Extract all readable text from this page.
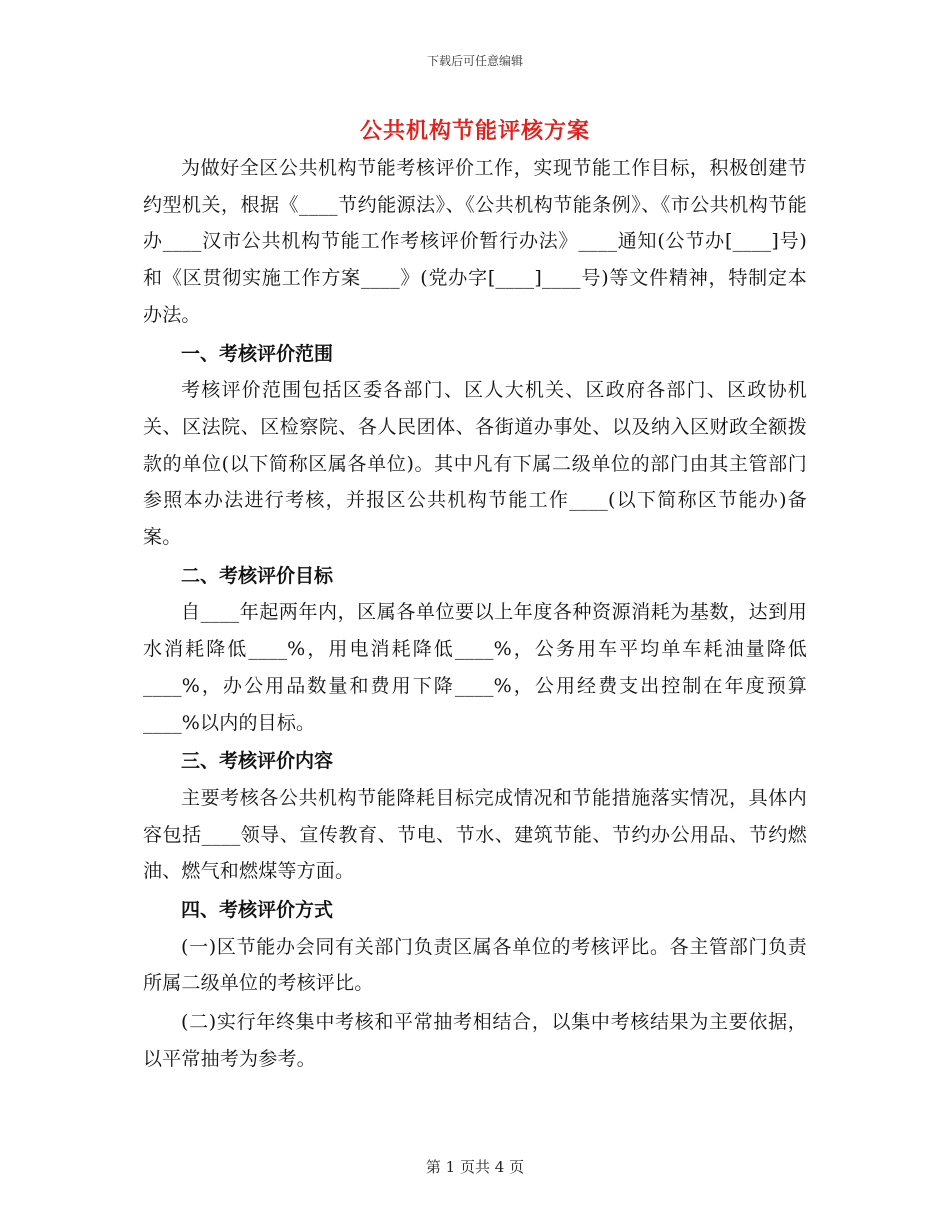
下载后可任意编辑
公共机构节能评核方案

为做好全区公共机构节能考核评价工作，实现节能工作目标，积极创建节约型机关，根据《____节约能源法》、《公共机构节能条例》、《市公共机构节能办____汉市公共机构节能工作考核评价暂行办法》____通知(公节办[____]号)和《区贯彻实施工作方案____》(党办字[____]____号)等文件精神，特制定本办法。

一、考核评价范围

考核评价范围包括区委各部门、区人大机关、区政府各部门、区政协机关、区法院、区检察院、各人民团体、各街道办事处、以及纳入区财政全额拨款的单位(以下简称区属各单位)。其中凡有下属二级单位的部门由其主管部门参照本办法进行考核，并报区公共机构节能工作____(以下简称区节能办)备案。

二、考核评价目标

自____年起两年内，区属各单位要以上年度各种资源消耗为基数，达到用水消耗降低____%，用电消耗降低____%，公务用车平均单车耗油量降低____%，办公用品数量和费用下降____%，公用经费支出控制在年度预算____%以内的目标。

三、考核评价内容

主要考核各公共机构节能降耗目标完成情况和节能措施落实情况，具体内容包括____领导、宣传教育、节电、节水、建筑节能、节约办公用品、节约燃油、燃气和燃煤等方面。

四、考核评价方式

(一)区节能办会同有关部门负责区属各单位的考核评比。各主管部门负责所属二级单位的考核评比。

(二)实行年终集中考核和平常抽考相结合，以集中考核结果为主要依据，以平常抽考为参考。

第 1 页共 4 页
